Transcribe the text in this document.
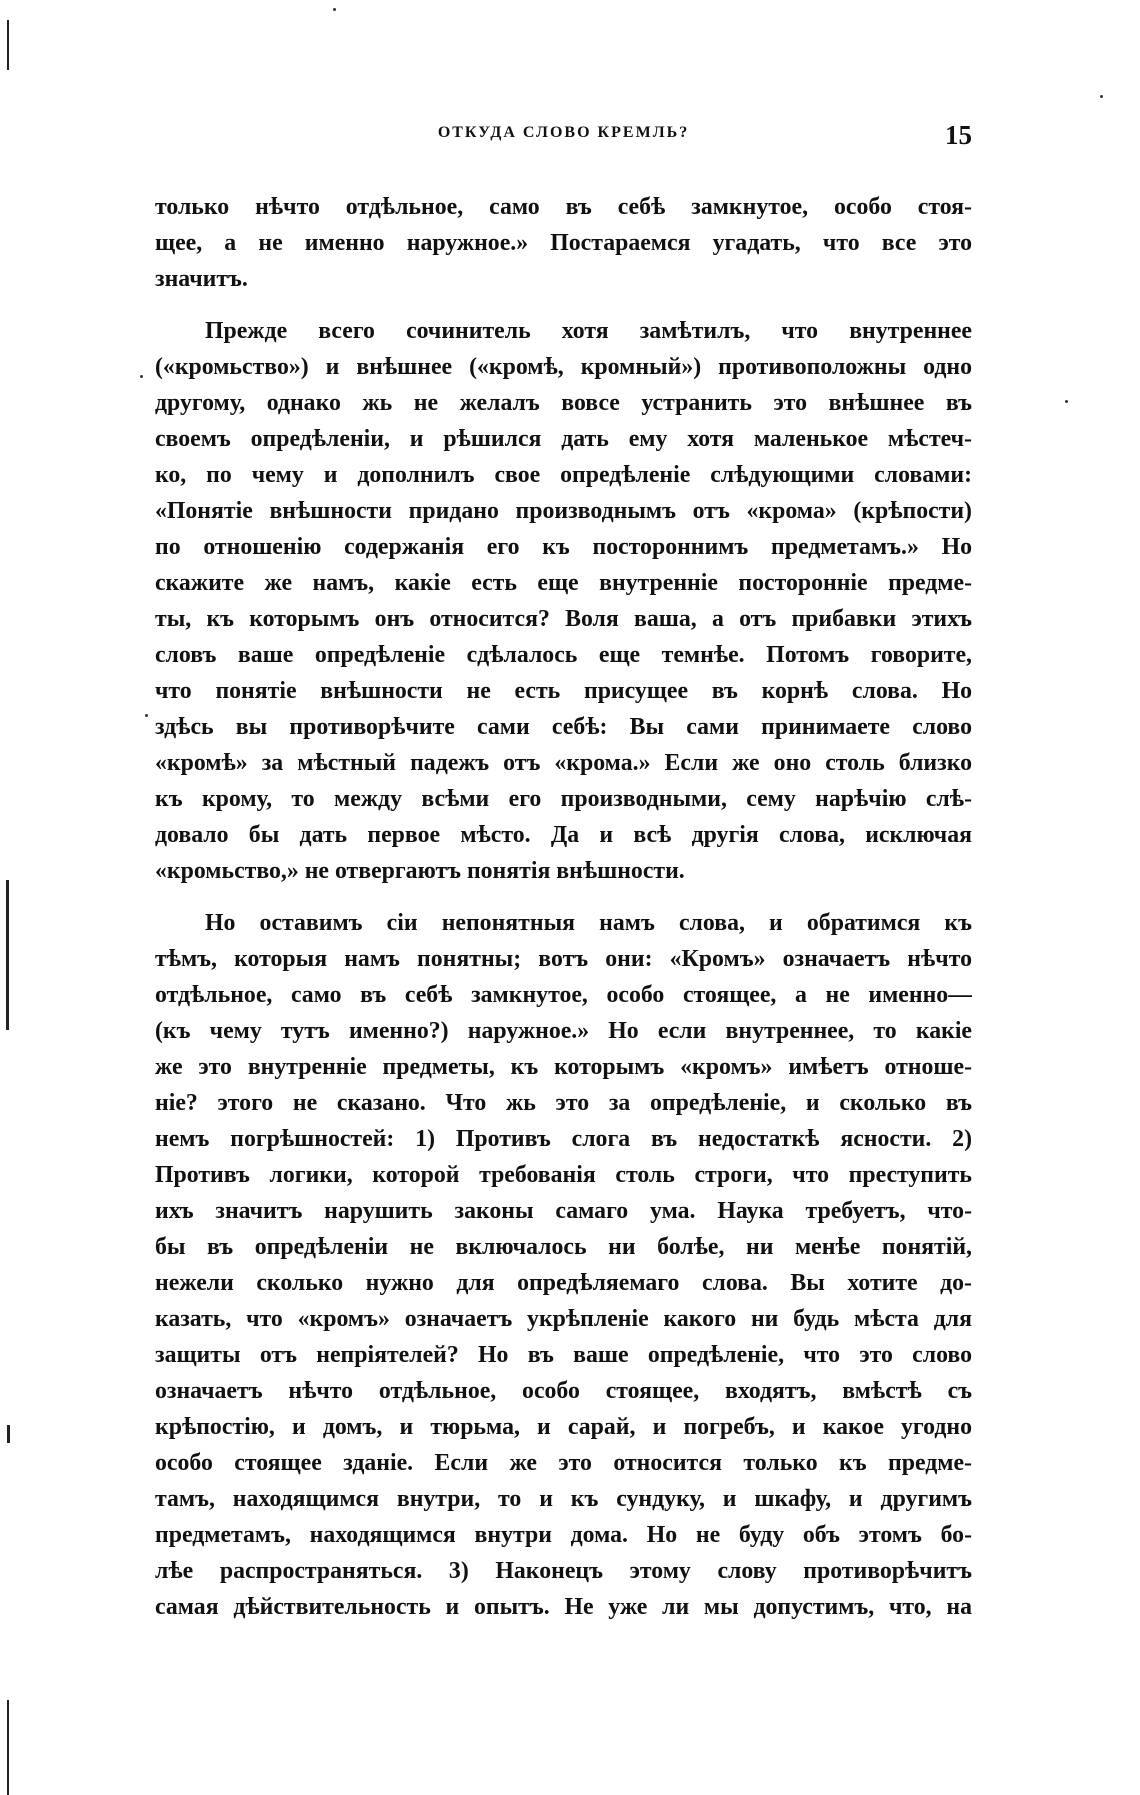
ОТКУДА СЛОВО КРЕМЛЬ?	15
только нѣчто отдѣльное, само въ себѣ замкнутое, особо стоя-
щее, а не именно наружное.» Постараемся угадать, что все это
значитъ.
Прежде всего сочинитель хотя замѣтилъ, что внутреннее
(«кромьство») и внѣшнее («кромѣ, кромный») противоположны одно
другому, однако жь не желалъ вовсе устранить это внѣшнее въ
своемъ опредѣленіи, и рѣшился дать ему хотя маленькое мѣстеч-
ко, по чему и дополнилъ свое опредѣленіе слѣдующими словами:
«Понятіе внѣшности придано производнымъ отъ «крома» (крѣпости)
по отношенію содержанія его къ постороннимъ предметамъ.» Но
скажите же намъ, какіе есть еще внутренніе посторонніе предме-
ты, къ которымъ онъ относится? Воля ваша, а отъ прибавки этихъ
словъ ваше опредѣленіе сдѣлалось еще темнѣе. Потомъ говорите,
что понятіе внѣшности не есть присущее въ корнѣ слова. Но
здѣсь вы противорѣчите сами себѣ: Вы сами принимаете слово
«кромѣ» за мѣстный падежъ отъ «крома.» Если же оно столь близко
къ крому, то между всѣми его производными, сему нарѣчію слѣ-
довало бы дать первое мѣсто. Да и всѣ другія слова, исключая
«кромьство,» не отвергаютъ понятія внѣшности.
Но оставимъ сіи непонятныя намъ слова, и обратимся къ
тѣмъ, которыя намъ понятны; вотъ они: «Кромъ» означаетъ нѣчто
отдѣльное, само въ себѣ замкнутое, особо стоящее, а не именно—
(къ чему тутъ именно?) наружное.» Но если внутреннее, то какіе
же это внутренніе предметы, къ которымъ «кромъ» имѣетъ отноше-
ніе? этого не сказано. Что жь это за опредѣленіе, и сколько въ
немъ погрѣшностей: 1) Противъ слога въ недостаткѣ ясности. 2)
Противъ логики, которой требованія столь строги, что преступить
ихъ значитъ нарушить законы самаго ума. Наука требуетъ, что-
бы въ опредѣленіи не включалось ни болѣе, ни менѣе понятій,
нежели сколько нужно для опредѣляемаго слова. Вы хотите до-
казать, что «кромъ» означаетъ укрѣпленіе какого ни будь мѣста для
защиты отъ непріятелей? Но въ ваше опредѣленіе, что это слово
означаетъ нѣчто отдѣльное, особо стоящее, входятъ, вмѣстѣ съ
крѣпостію, и домъ, и тюрьма, и сарай, и погребъ, и какое угодно
особо стоящее зданіе. Если же это относится только къ предме-
тамъ, находящимся внутри, то и къ сундуку, и шкафу, и другимъ
предметамъ, находящимся внутри дома. Но не буду объ этомъ бо-
лѣе распространяться. 3) Наконецъ этому слову противорѣчитъ
самая дѣйствительность и опытъ. Не уже ли мы допустимъ, что, на
